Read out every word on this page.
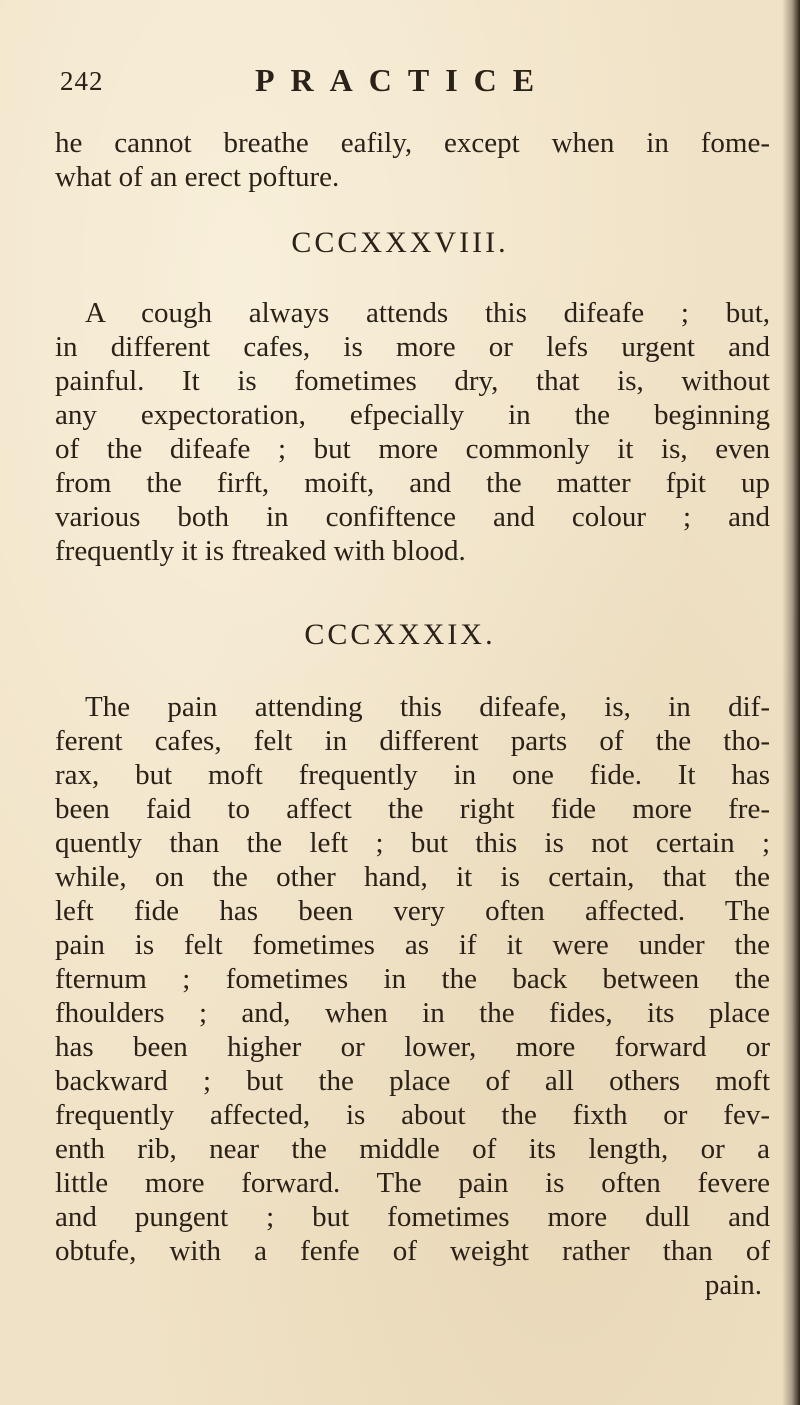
242	PRACTICE
he cannot breathe eafily, except when in fome-
what of an erect pofture.
CCCXXXVIII.
A cough always attends this difeafe ; but,
in different cafes, is more or lefs urgent and
painful. It is fometimes dry, that is, without
any expectoration, efpecially in the beginning
of the difeafe ; but more commonly it is, even
from the firft, moift, and the matter fpit up
various both in confiftence and colour ; and
frequently it is ftreaked with blood.
CCCXXXIX.
The pain attending this difeafe, is, in dif-
ferent cafes, felt in different parts of the tho-
rax, but moft frequently in one fide. It has
been faid to affect the right fide more fre-
quently than the left ; but this is not certain ;
while, on the other hand, it is certain, that the
left fide has been very often affected. The
pain is felt fometimes as if it were under the
fternum ; fometimes in the back between the
fhoulders ; and, when in the fides, its place
has been higher or lower, more forward or
backward ; but the place of all others moft
frequently affected, is about the fixth or fev-
enth rib, near the middle of its length, or a
little more forward. The pain is often fevere
and pungent ; but fometimes more dull and
obtufe, with a fenfe of weight rather than of
pain.
